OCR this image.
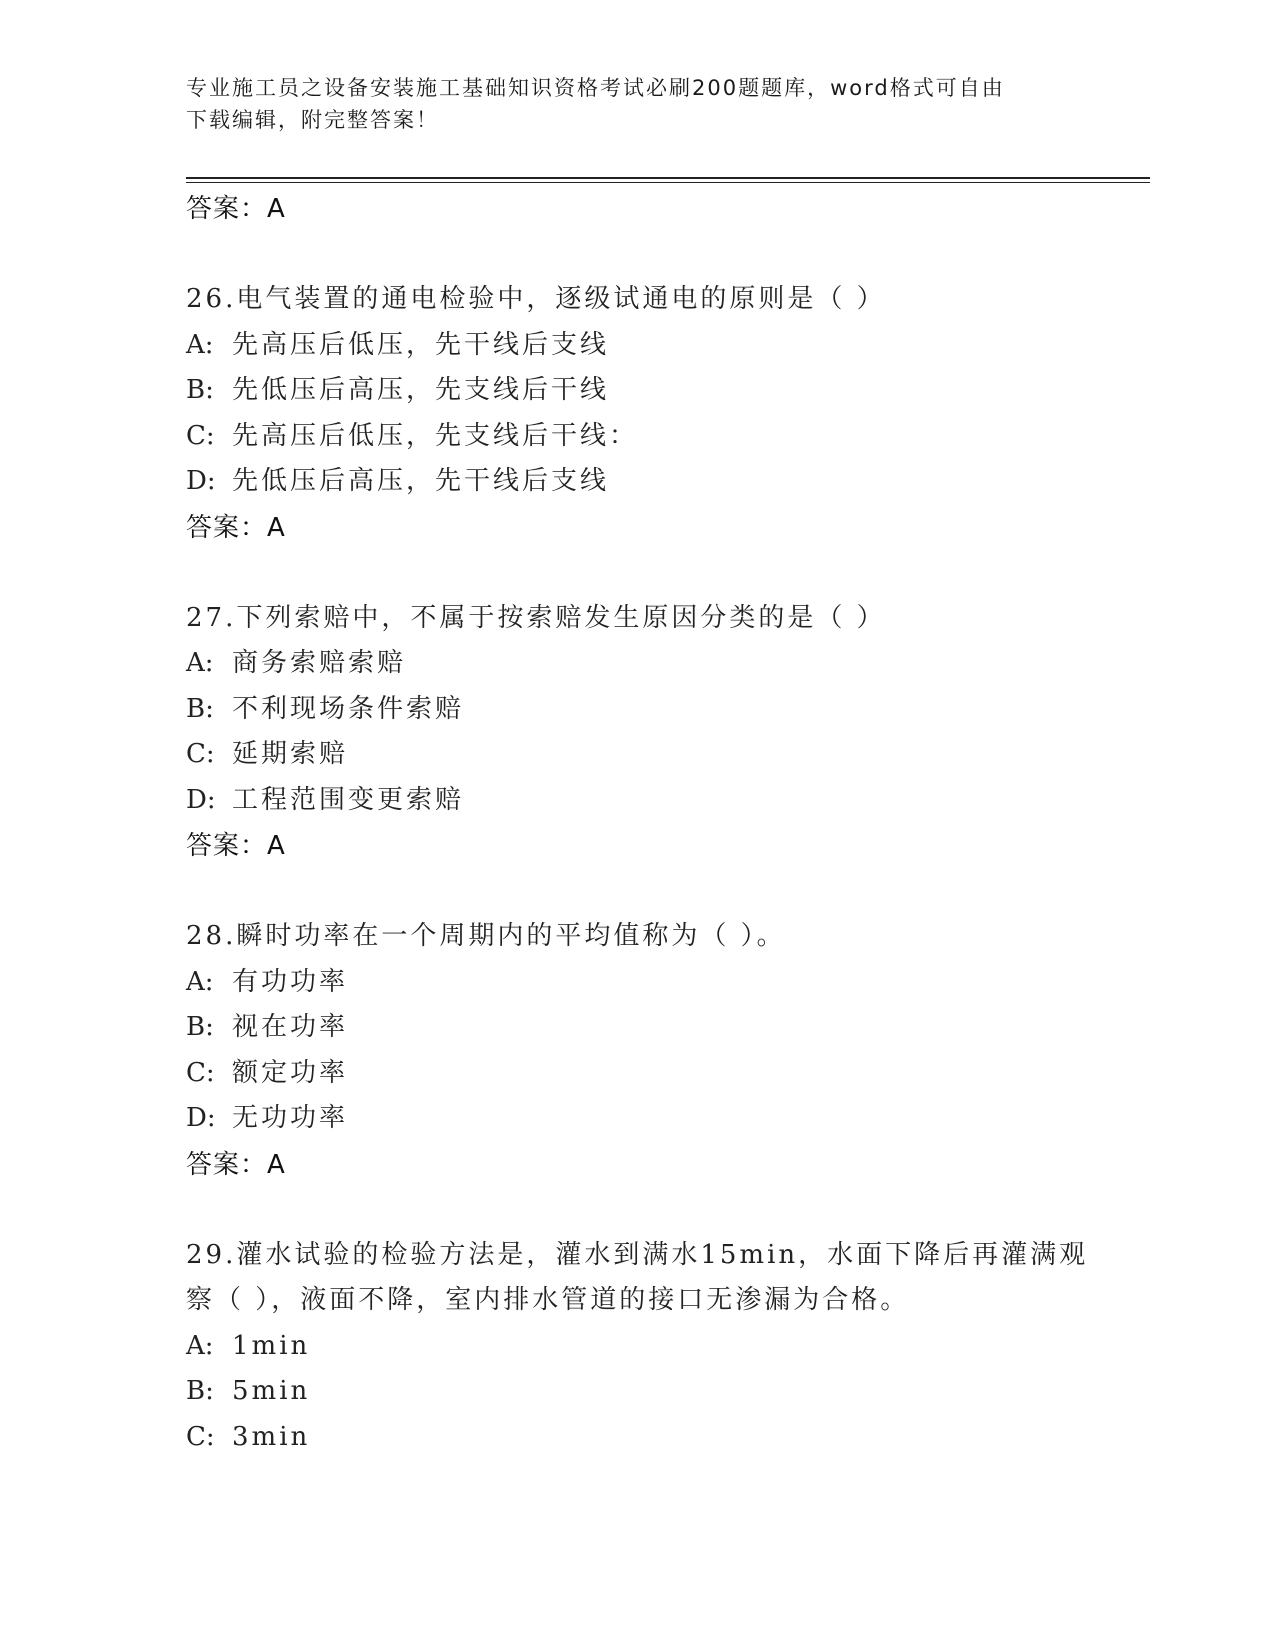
专业施工员之设备安装施工基础知识资格考试必刷200题题库，word格式可自由
下载编辑，附完整答案！
答案：A
26.电气装置的通电检验中，逐级试通电的原则是（ ）
A: 先高压后低压，先干线后支线
B: 先低压后高压，先支线后干线
C: 先高压后低压，先支线后干线：
D: 先低压后高压，先干线后支线
答案：A
27.下列索赔中，不属于按索赔发生原因分类的是（ ）
A: 商务索赔索赔
B: 不利现场条件索赔
C: 延期索赔
D: 工程范围变更索赔
答案：A
28.瞬时功率在一个周期内的平均值称为（ ）。
A: 有功功率
B: 视在功率
C: 额定功率
D: 无功功率
答案：A
29.灌水试验的检验方法是，灌水到满水15min，水面下降后再灌满观
察（ ），液面不降，室内排水管道的接口无渗漏为合格。
A: 1min
B: 5min
C: 3min
